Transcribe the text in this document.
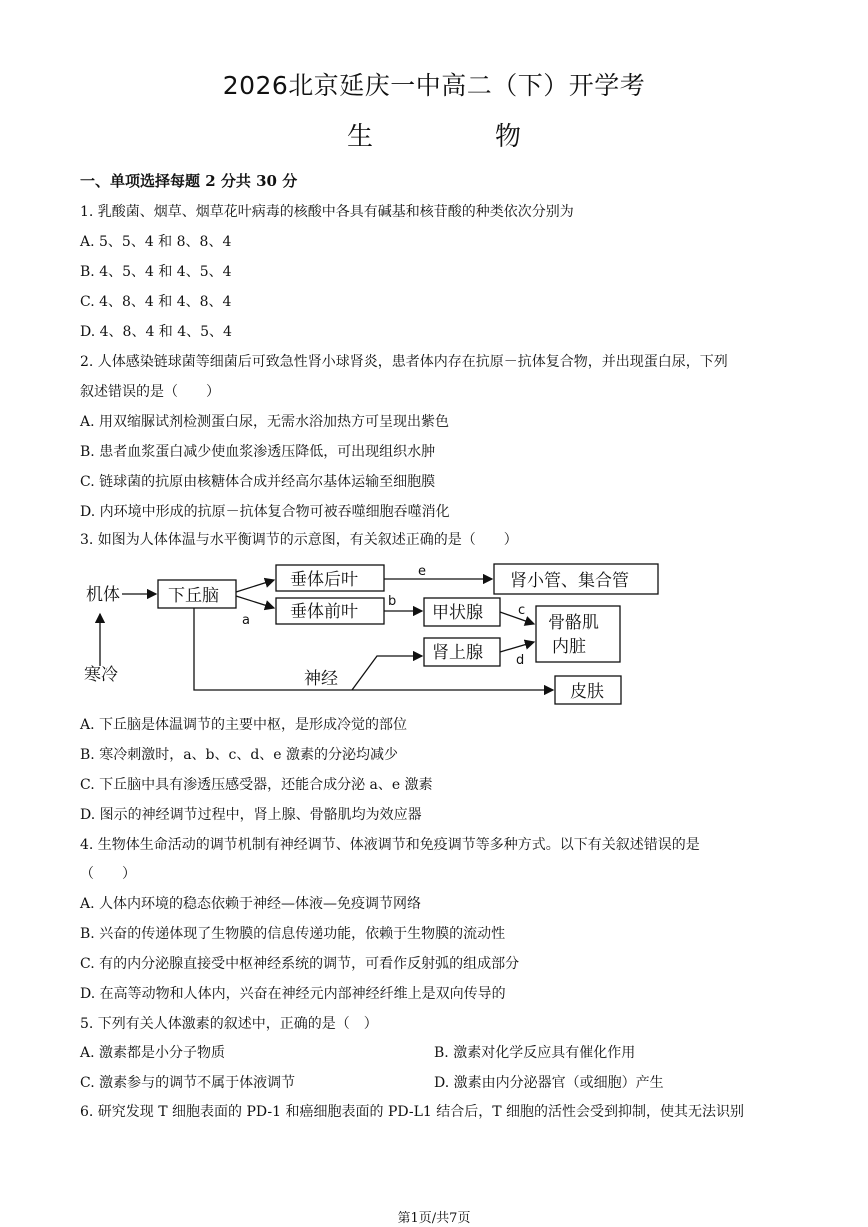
2026北京延庆一中高二（下）开学考
生　物
一、单项选择每题 2 分共 30 分
1. 乳酸菌、烟草、烟草花叶病毒的核酸中各具有碱基和核苷酸的种类依次分别为
A. 5、5、4 和 8、8、4
B. 4、5、4 和 4、5、4
C. 4、8、4 和 4、8、4
D. 4、8、4 和 4、5、4
2. 人体感染链球菌等细菌后可致急性肾小球肾炎，患者体内存在抗原－抗体复合物，并出现蛋白尿，下列
叙述错误的是（　　）
A. 用双缩脲试剂检测蛋白尿，无需水浴加热方可呈现出紫色
B. 患者血浆蛋白减少使血浆渗透压降低，可出现组织水肿
C. 链球菌的抗原由核糖体合成并经高尔基体运输至细胞膜
D. 内环境中形成的抗原－抗体复合物可被吞噬细胞吞噬消化
3. 如图为人体体温与水平衡调节的示意图，有关叙述正确的是（　　）
机体
寒冷
下丘脑
垂体后叶
垂体前叶
肾小管、集合管
甲状腺
肾上腺
骨骼肌
内脏
神经
皮肤
a
b
c
d
e
A. 下丘脑是体温调节的主要中枢，是形成冷觉的部位
B. 寒冷刺激时，a、b、c、d、e 激素的分泌均减少
C. 下丘脑中具有渗透压感受器，还能合成分泌 a、e 激素
D. 图示的神经调节过程中，肾上腺、骨骼肌均为效应器
4. 生物体生命活动的调节机制有神经调节、体液调节和免疫调节等多种方式。以下有关叙述错误的是
（　　）
A. 人体内环境的稳态依赖于神经—体液—免疫调节网络
B. 兴奋的传递体现了生物膜的信息传递功能，依赖于生物膜的流动性
C. 有的内分泌腺直接受中枢神经系统的调节，可看作反射弧的组成部分
D. 在高等动物和人体内，兴奋在神经元内部神经纤维上是双向传导的
5. 下列有关人体激素的叙述中，正确的是（　）
A. 激素都是小分子物质	B. 激素对化学反应具有催化作用
C. 激素参与的调节不属于体液调节	D. 激素由内分泌器官（或细胞）产生
6. 研究发现 T 细胞表面的 PD-1 和癌细胞表面的 PD-L1 结合后，T 细胞的活性会受到抑制，使其无法识别
第1页/共7页
